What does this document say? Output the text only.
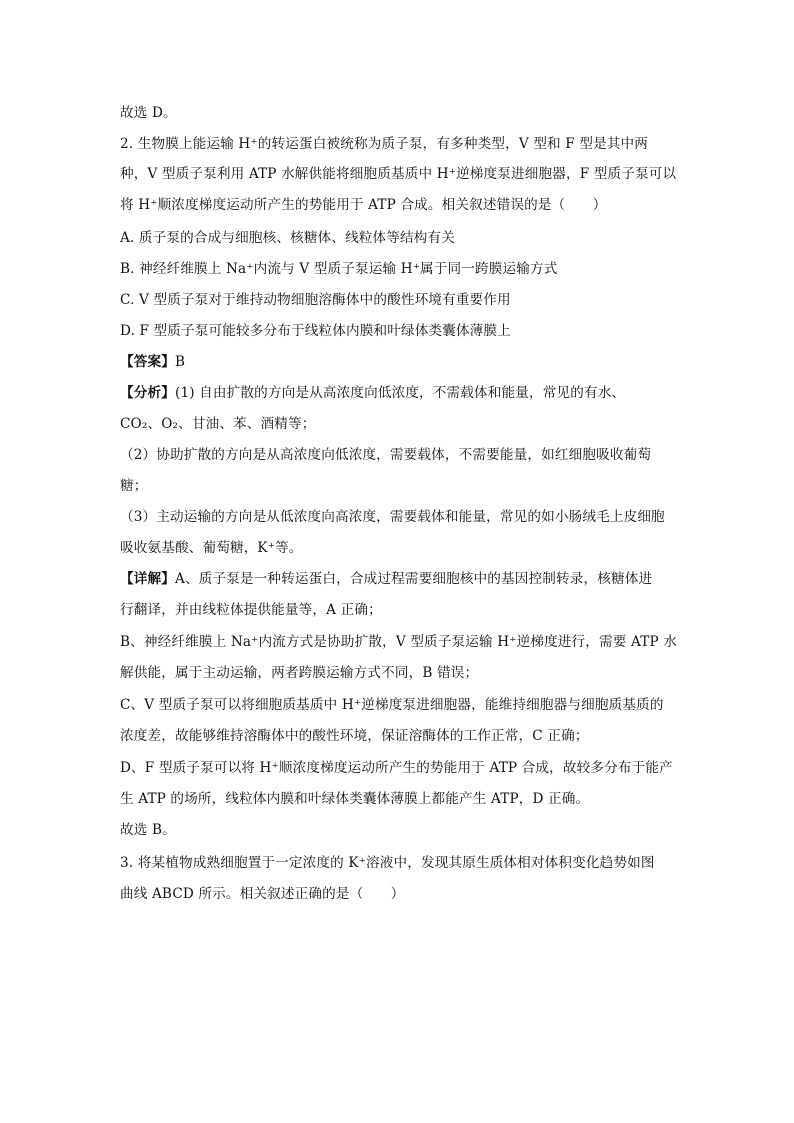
故选 D。
2. 生物膜上能运输 H⁺的转运蛋白被统称为质子泵，有多种类型，V 型和 F 型是其中两
种，V 型质子泵利用 ATP 水解供能将细胞质基质中 H⁺逆梯度泵进细胞器，F 型质子泵可以
将 H⁺顺浓度梯度运动所产生的势能用于 ATP 合成。相关叙述错误的是（　　）
A. 质子泵的合成与细胞核、核糖体、线粒体等结构有关
B. 神经纤维膜上 Na⁺内流与 V 型质子泵运输 H⁺属于同一跨膜运输方式
C. V 型质子泵对于维持动物细胞溶酶体中的酸性环境有重要作用
D. F 型质子泵可能较多分布于线粒体内膜和叶绿体类囊体薄膜上
【答案】B
【分析】(1) 自由扩散的方向是从高浓度向低浓度，不需载体和能量，常见的有水、
CO₂、O₂、甘油、苯、酒精等；
（2）协助扩散的方向是从高浓度向低浓度，需要载体，不需要能量，如红细胞吸收葡萄
糖；
（3）主动运输的方向是从低浓度向高浓度，需要载体和能量，常见的如小肠绒毛上皮细胞
吸收氨基酸、葡萄糖，K⁺等。
【详解】A、质子泵是一种转运蛋白，合成过程需要细胞核中的基因控制转录，核糖体进
行翻译，并由线粒体提供能量等，A 正确；
B、神经纤维膜上 Na⁺内流方式是协助扩散，V 型质子泵运输 H⁺逆梯度进行，需要 ATP 水
解供能，属于主动运输，两者跨膜运输方式不同，B 错误；
C、V 型质子泵可以将细胞质基质中 H⁺逆梯度泵进细胞器，能维持细胞器与细胞质基质的
浓度差，故能够维持溶酶体中的酸性环境，保证溶酶体的工作正常，C 正确；
D、F 型质子泵可以将 H⁺顺浓度梯度运动所产生的势能用于 ATP 合成，故较多分布于能产
生 ATP 的场所，线粒体内膜和叶绿体类囊体薄膜上都能产生 ATP，D 正确。
故选 B。
3. 将某植物成熟细胞置于一定浓度的 K⁺溶液中，发现其原生质体相对体积变化趋势如图
曲线 ABCD 所示。相关叙述正确的是（　　）
